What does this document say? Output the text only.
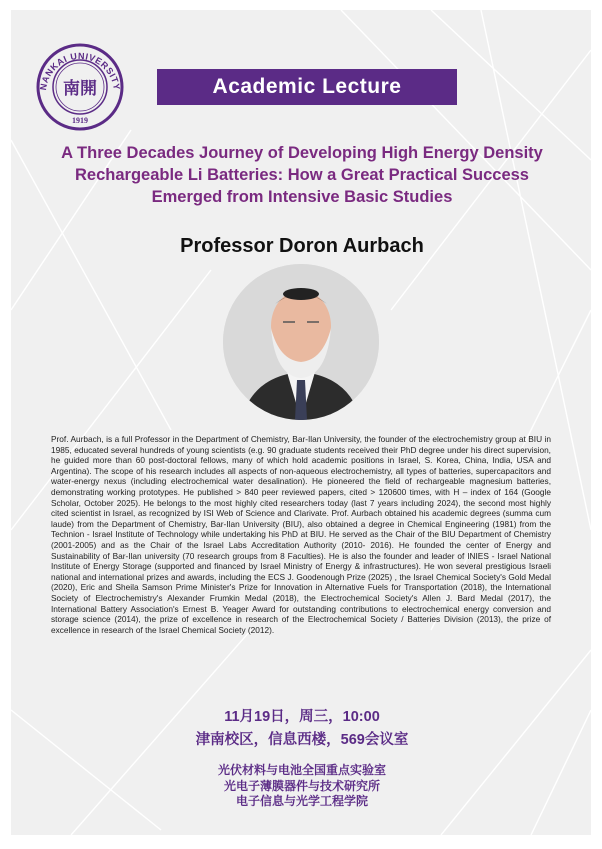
NANKAI UNIVERSITY
1919
南開	Academic Lecture
A Three Decades Journey of Developing High Energy Density
Rechargeable Li Batteries: How a Great Practical Success
Emerged from Intensive Basic Studies
Professor Doron Aurbach

Prof. Aurbach, is a full Professor in the Department of Chemistry, Bar-Ilan University, the founder of the electrochemistry group at BIU in 1985, educated several hundreds of young scientists (e.g. 90 graduate students received their PhD degree under his direct supervision, he guided more than 60 post-doctoral fellows, many of which hold academic positions in Israel, S. Korea, China, India, USA and Argentina). The scope of his research includes all aspects of non-aqueous electrochemistry, all types of batteries, supercapacitors and water-energy nexus (including electrochemical water desalination). He pioneered the field of rechargeable magnesium batteries, demonstrating working prototypes. He published > 840 peer reviewed papers, cited > 120600 times, with H – index of 164 (Google Scholar, October 2025). He belongs to the most highly cited researchers today (last 7 years including 2024), the second most highly cited scientist in Israel, as recognized by ISI Web of Science and Clarivate. Prof. Aurbach obtained his academic degrees (summa cum laude) from the Department of Chemistry, Bar-Ilan University (BIU), also obtained a degree in Chemical Engineering (1981) from the Technion - Israel Institute of Technology while undertaking his PhD at BIU. He served as the Chair of the BIU Department of Chemistry (2001-2005) and as the Chair of the Israel Labs Accreditation Authority (2010- 2016). He founded the center of Energy and Sustainability of Bar-Ilan university (70 research groups from 8 Faculties). He is also the founder and leader of INIES - Israel National Institute of Energy Storage (supported and financed by Israel Ministry of Energy & infrastructures). He won several prestigious Israeli national and international prizes and awards, including the ECS J. Goodenough Prize (2025) , the Israel Chemical Society's Gold Medal (2020), Eric and Sheila Samson Prime Minister's Prize for Innovation in Alternative Fuels for Transportation (2018), the International Society of Electrochemistry's Alexander Frumkin Medal (2018), the Electrochemical Society's Allen J. Bard Medal (2017), the International Battery Association's Ernest B. Yeager Award for outstanding contributions to electrochemical energy conversion and storage science (2014), the prize of excellence in research of the Electrochemical Society / Batteries Division (2013), the prize of excellence in research of the Israel Chemical Society (2012).

11月19日，周三，10:00
津南校区，信息西楼，569会议室
光伏材料与电池全国重点实验室
光电子薄膜器件与技术研究所
电子信息与光学工程学院
